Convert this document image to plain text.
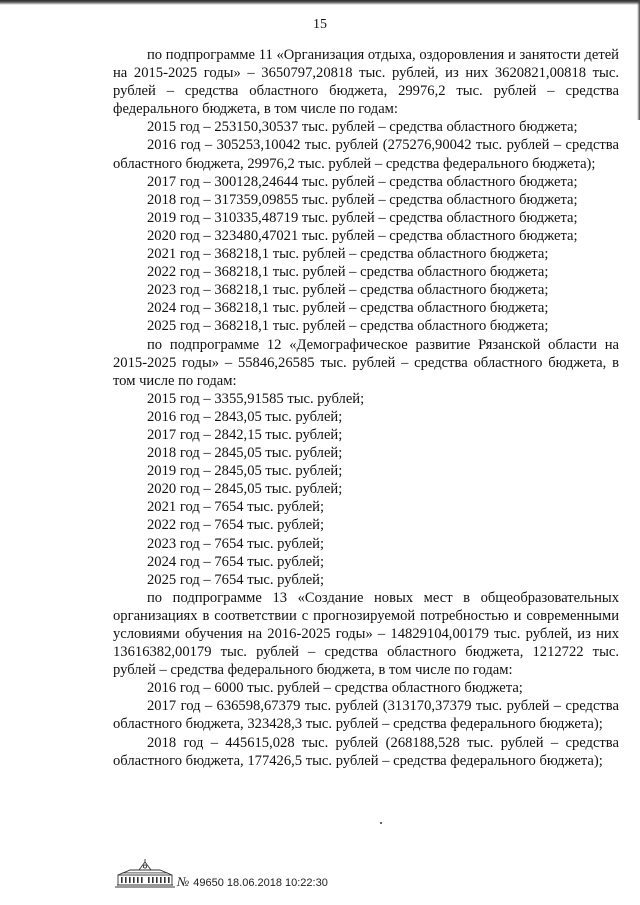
15

по подпрограмме 11 «Организация отдыха, оздоровления и занятости детей на 2015-2025 годы» – 3650797,20818 тыс. рублей, из них 3620821,00818 тыс. рублей – средства областного бюджета, 29976,2 тыс. рублей – средства федерального бюджета, в том числе по годам:

2015 год – 253150,30537 тыс. рублей – средства областного бюджета;

2016 год – 305253,10042 тыс. рублей (275276,90042 тыс. рублей – средства областного бюджета, 29976,2 тыс. рублей – средства федерального бюджета);

2017 год – 300128,24644 тыс. рублей – средства областного бюджета;

2018 год – 317359,09855 тыс. рублей – средства областного бюджета;

2019 год – 310335,48719 тыс. рублей – средства областного бюджета;

2020 год – 323480,47021 тыс. рублей – средства областного бюджета;

2021 год – 368218,1 тыс. рублей – средства областного бюджета;

2022 год – 368218,1 тыс. рублей – средства областного бюджета;

2023 год – 368218,1 тыс. рублей – средства областного бюджета;

2024 год – 368218,1 тыс. рублей – средства областного бюджета;

2025 год – 368218,1 тыс. рублей – средства областного бюджета;

по подпрограмме 12 «Демографическое развитие Рязанской области на 2015-2025 годы» – 55846,26585 тыс. рублей – средства областного бюджета, в том числе по годам:

2015 год – 3355,91585 тыс. рублей;

2016 год – 2843,05 тыс. рублей;

2017 год – 2842,15 тыс. рублей;

2018 год – 2845,05 тыс. рублей;

2019 год – 2845,05 тыс. рублей;

2020 год – 2845,05 тыс. рублей;

2021 год – 7654 тыс. рублей;

2022 год – 7654 тыс. рублей;

2023 год – 7654 тыс. рублей;

2024 год – 7654 тыс. рублей;

2025 год – 7654 тыс. рублей;

по подпрограмме 13 «Создание новых мест в общеобразовательных организациях в соответствии с прогнозируемой потребностью и современными условиями обучения на 2016-2025 годы» – 14829104,00179 тыс. рублей, из них 13616382,00179 тыс. рублей – средства областного бюджета, 1212722 тыс. рублей – средства федерального бюджета, в том числе по годам:

2016 год – 6000 тыс. рублей – средства областного бюджета;

2017 год – 636598,67379 тыс. рублей (313170,37379 тыс. рублей – средства областного бюджета, 323428,3 тыс. рублей – средства федерального бюджета);

2018 год – 445615,028 тыс. рублей (268188,528 тыс. рублей – средства областного бюджета, 177426,5 тыс. рублей – средства федерального бюджета);

№ 49650 18.06.2018 10:22:30
